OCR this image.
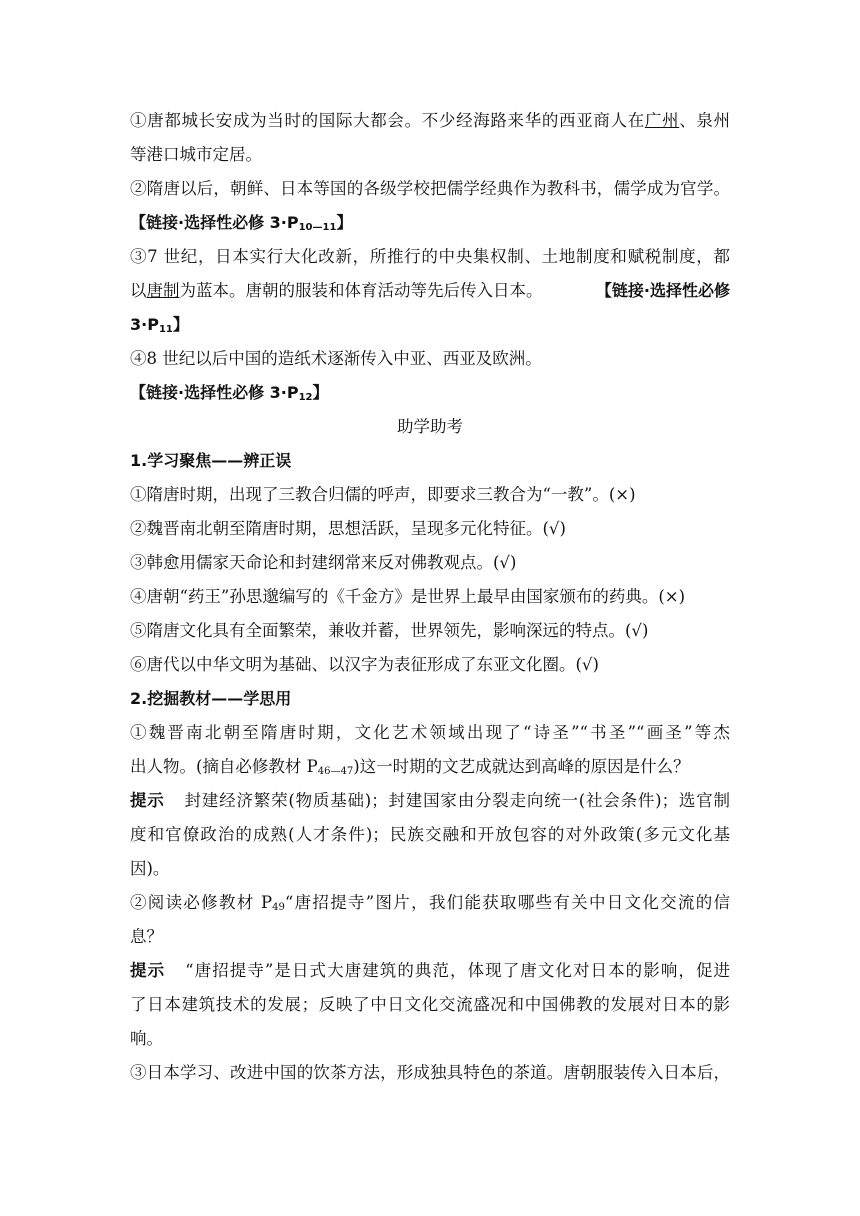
①唐都城长安成为当时的国际大都会。不少经海路来华的西亚商人在广州、泉州
等港口城市定居。
②隋唐以后，朝鲜、日本等国的各级学校把儒学经典作为教科书，儒学成为官学。
【链接·选择性必修 $3\cdot P_{10—11}$】
③7 世纪，日本实行大化改新，所推行的中央集权制、土地制度和赋税制度，都
以唐制为蓝本。唐朝的服装和体育活动等先后传入日本。	【链接·选择性必修
$3\cdot P_{11}$】
④8 世纪以后中国的造纸术逐渐传入中亚、西亚及欧洲。
【链接·选择性必修 $3\cdot P_{12}$】
助学助考
1.学习聚焦——辨正误
①隋唐时期，出现了三教合归儒的呼声，即要求三教合为“一教”。(×)
②魏晋南北朝至隋唐时期，思想活跃，呈现多元化特征。(√)
③韩愈用儒家天命论和封建纲常来反对佛教观点。(√)
④唐朝“药王”孙思邈编写的《千金方》是世界上最早由国家颁布的药典。(×)
⑤隋唐文化具有全面繁荣，兼收并蓄，世界领先，影响深远的特点。(√)
⑥唐代以中华文明为基础、以汉字为表征形成了东亚文化圈。(√)
2.挖掘教材——学思用
①魏晋南北朝至隋唐时期，文化艺术领域出现了“诗圣”“书圣”“画圣”等杰
出人物。(摘自必修教材 $P_{46—47}$)这一时期的文艺成就达到高峰的原因是什么？
提示 封建经济繁荣(物质基础)；封建国家由分裂走向统一(社会条件)；选官制
度和官僚政治的成熟(人才条件)；民族交融和开放包容的对外政策(多元文化基
因)。
②阅读必修教材 $P_{49}“$唐招提寺”图片，我们能获取哪些有关中日文化交流的信
息？
提示 “唐招提寺”是日式大唐建筑的典范，体现了唐文化对日本的影响，促进
了日本建筑技术的发展；反映了中日文化交流盛况和中国佛教的发展对日本的影
响。
③日本学习、改进中国的饮茶方法，形成独具特色的茶道。唐朝服装传入日本后，
